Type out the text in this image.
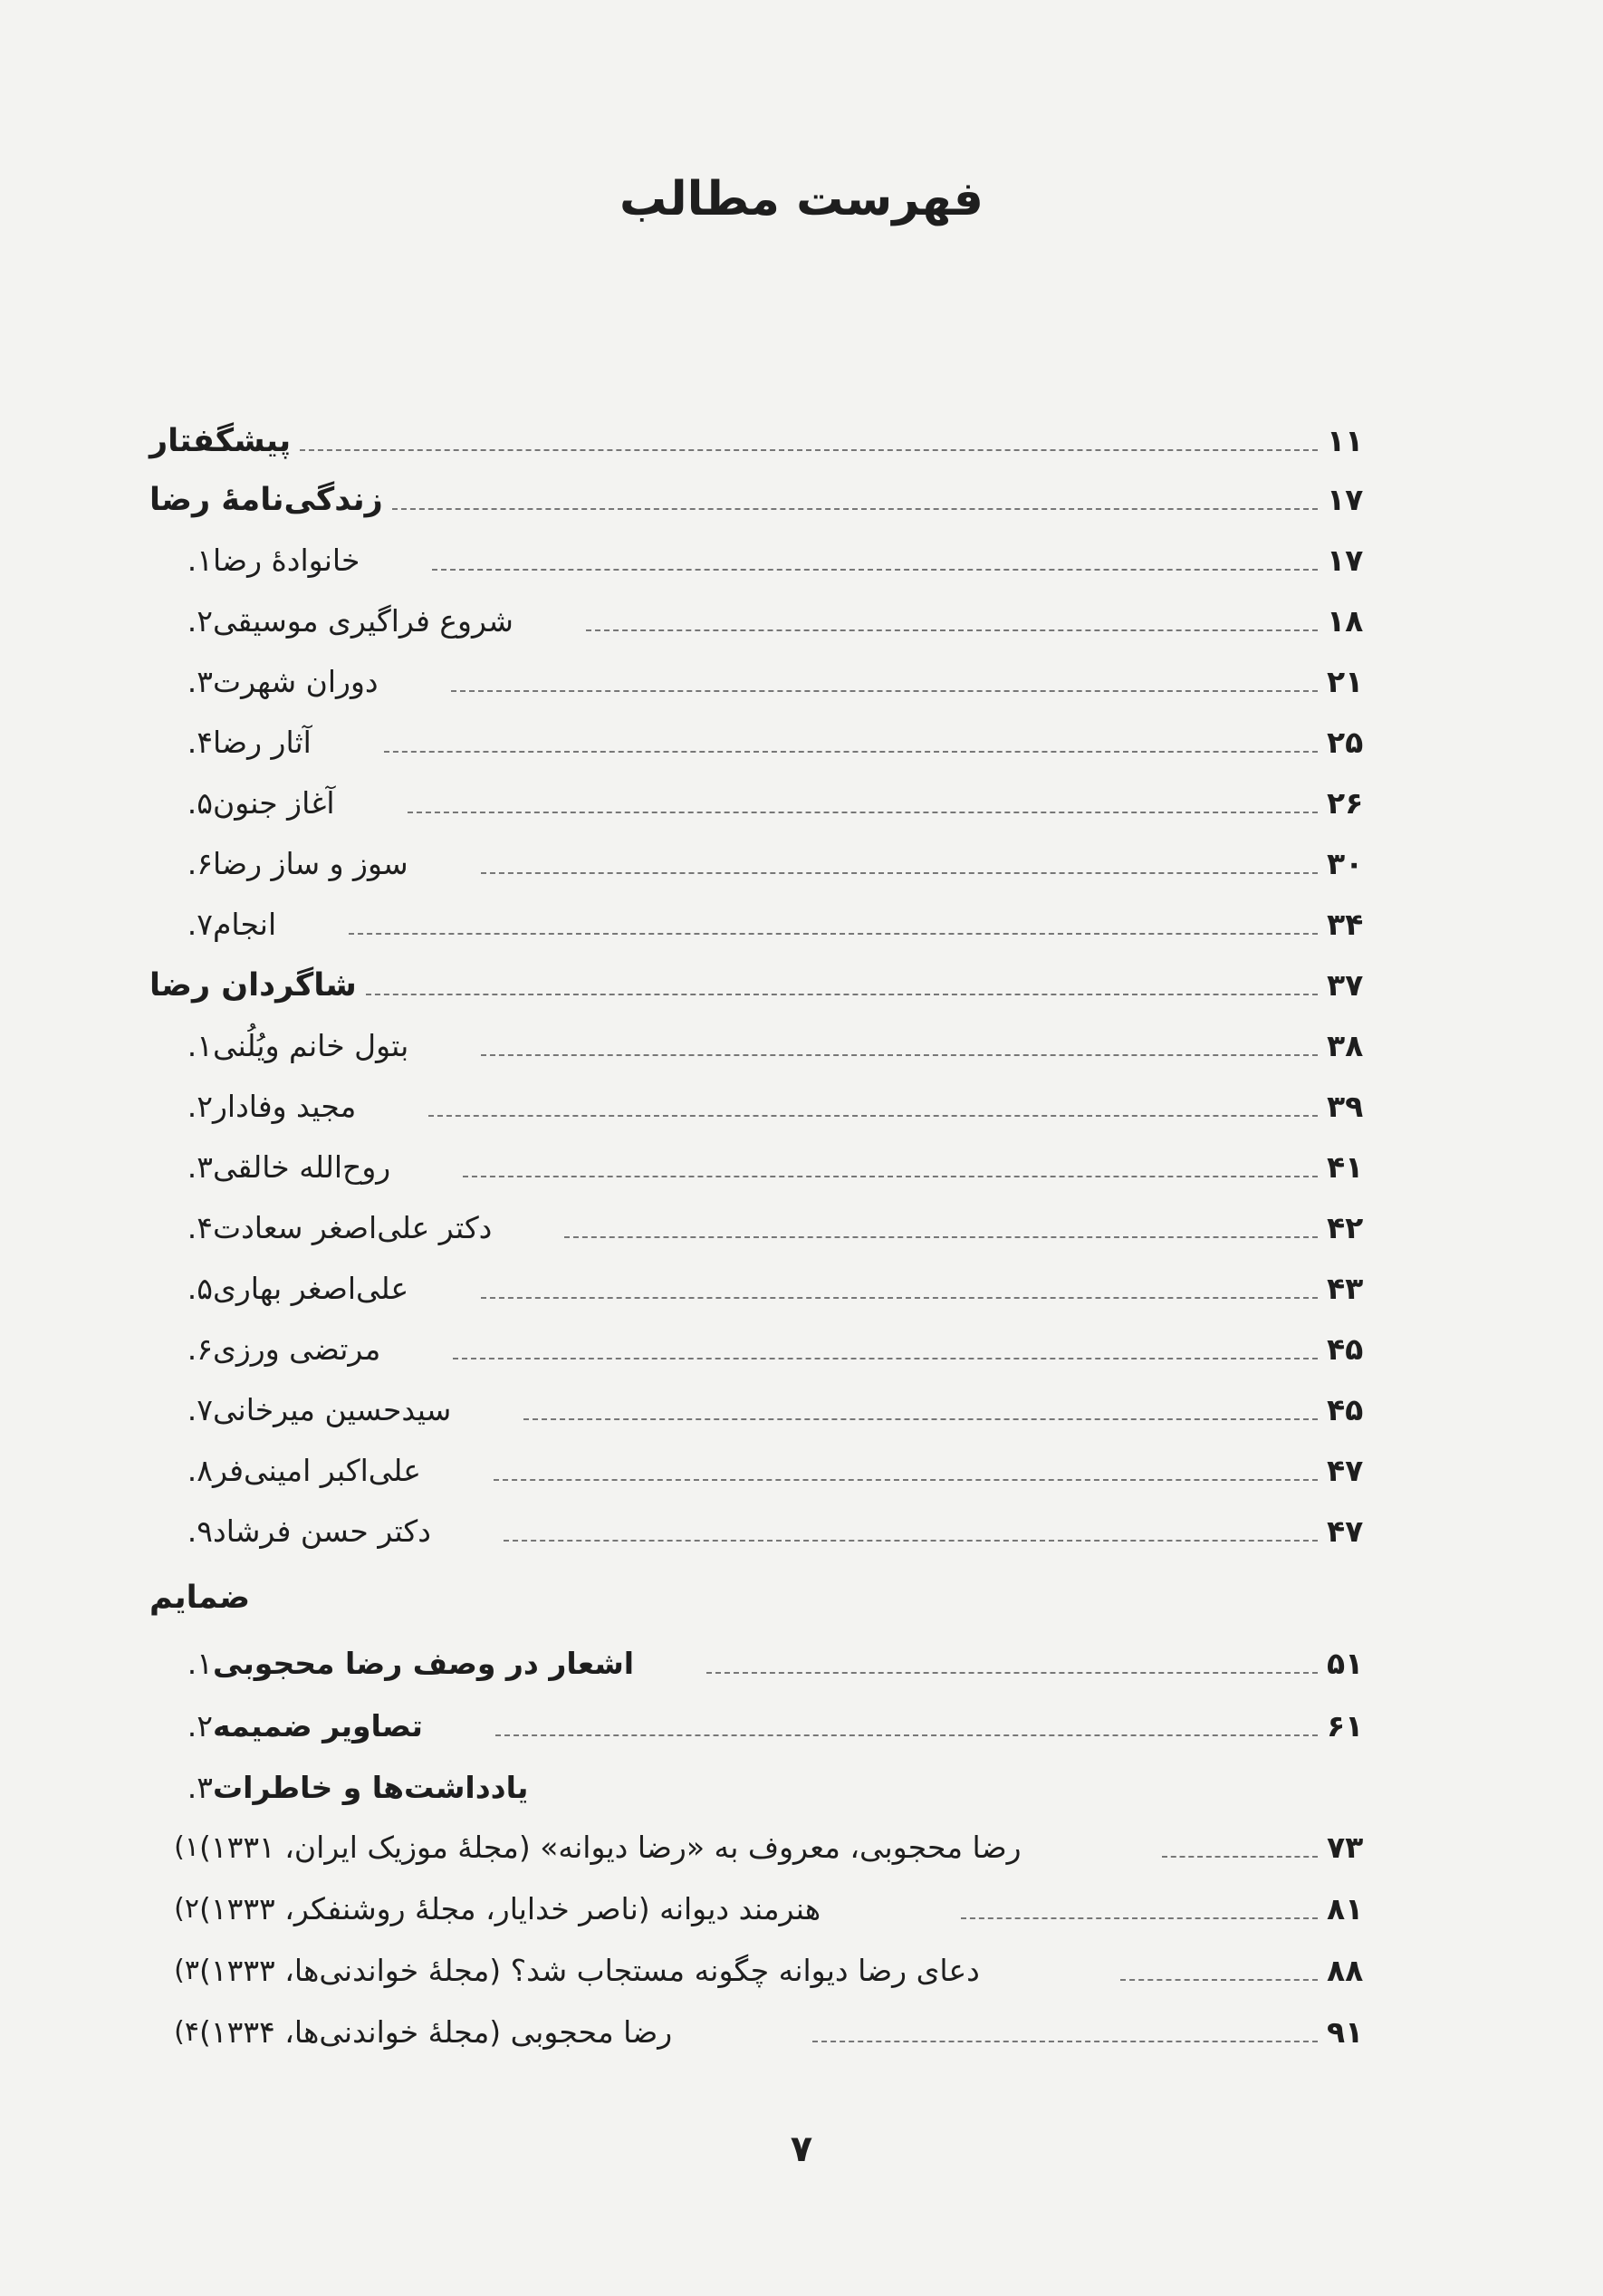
فهرست مطالب
پیشگفتار	۱۱
زندگی‌نامهٔ رضا	۱۷
۱. خانوادهٔ رضا	۱۷
۲. شروع فراگیری موسیقی	۱۸
۳. دوران شهرت	۲۱
۴. آثار رضا	۲۵
۵. آغاز جنون	۲۶
۶. سوز و ساز رضا	۳۰
۷. انجام	۳۴
شاگردان رضا	۳۷
۱. بتول خانم ویُلُنی	۳۸
۲. مجید وفادار	۳۹
۳. روح‌الله خالقی	۴۱
۴. دکتر علی‌اصغر سعادت	۴۲
۵. علی‌اصغر بهاری	۴۳
۶. مرتضی ورزی	۴۵
۷. سید‌حسین میرخانی	۴۵
۸. علی‌اکبر امینی‌فر	۴۷
۹. دکتر حسن فرشاد	۴۷
ضمایم
۱. اشعار در وصف رضا محجوبی	۵۱
۲. تصاویر ضمیمه	۶۱
۳. یادداشت‌ها و خاطرات
۱) رضا محجوبی، معروف به «رضا دیوانه» (مجلهٔ موزیک ایران، ۱۳۳۱)	۷۳
۲) هنرمند دیوانه (ناصر خدایار، مجلهٔ روشنفکر، ۱۳۳۳)	۸۱
۳) دعای رضا دیوانه چگونه مستجاب شد؟ (مجلهٔ خواندنی‌ها، ۱۳۳۳)	۸۸
۴) رضا محجوبی (مجلهٔ خواندنی‌ها، ۱۳۳۴)	۹۱
۷
